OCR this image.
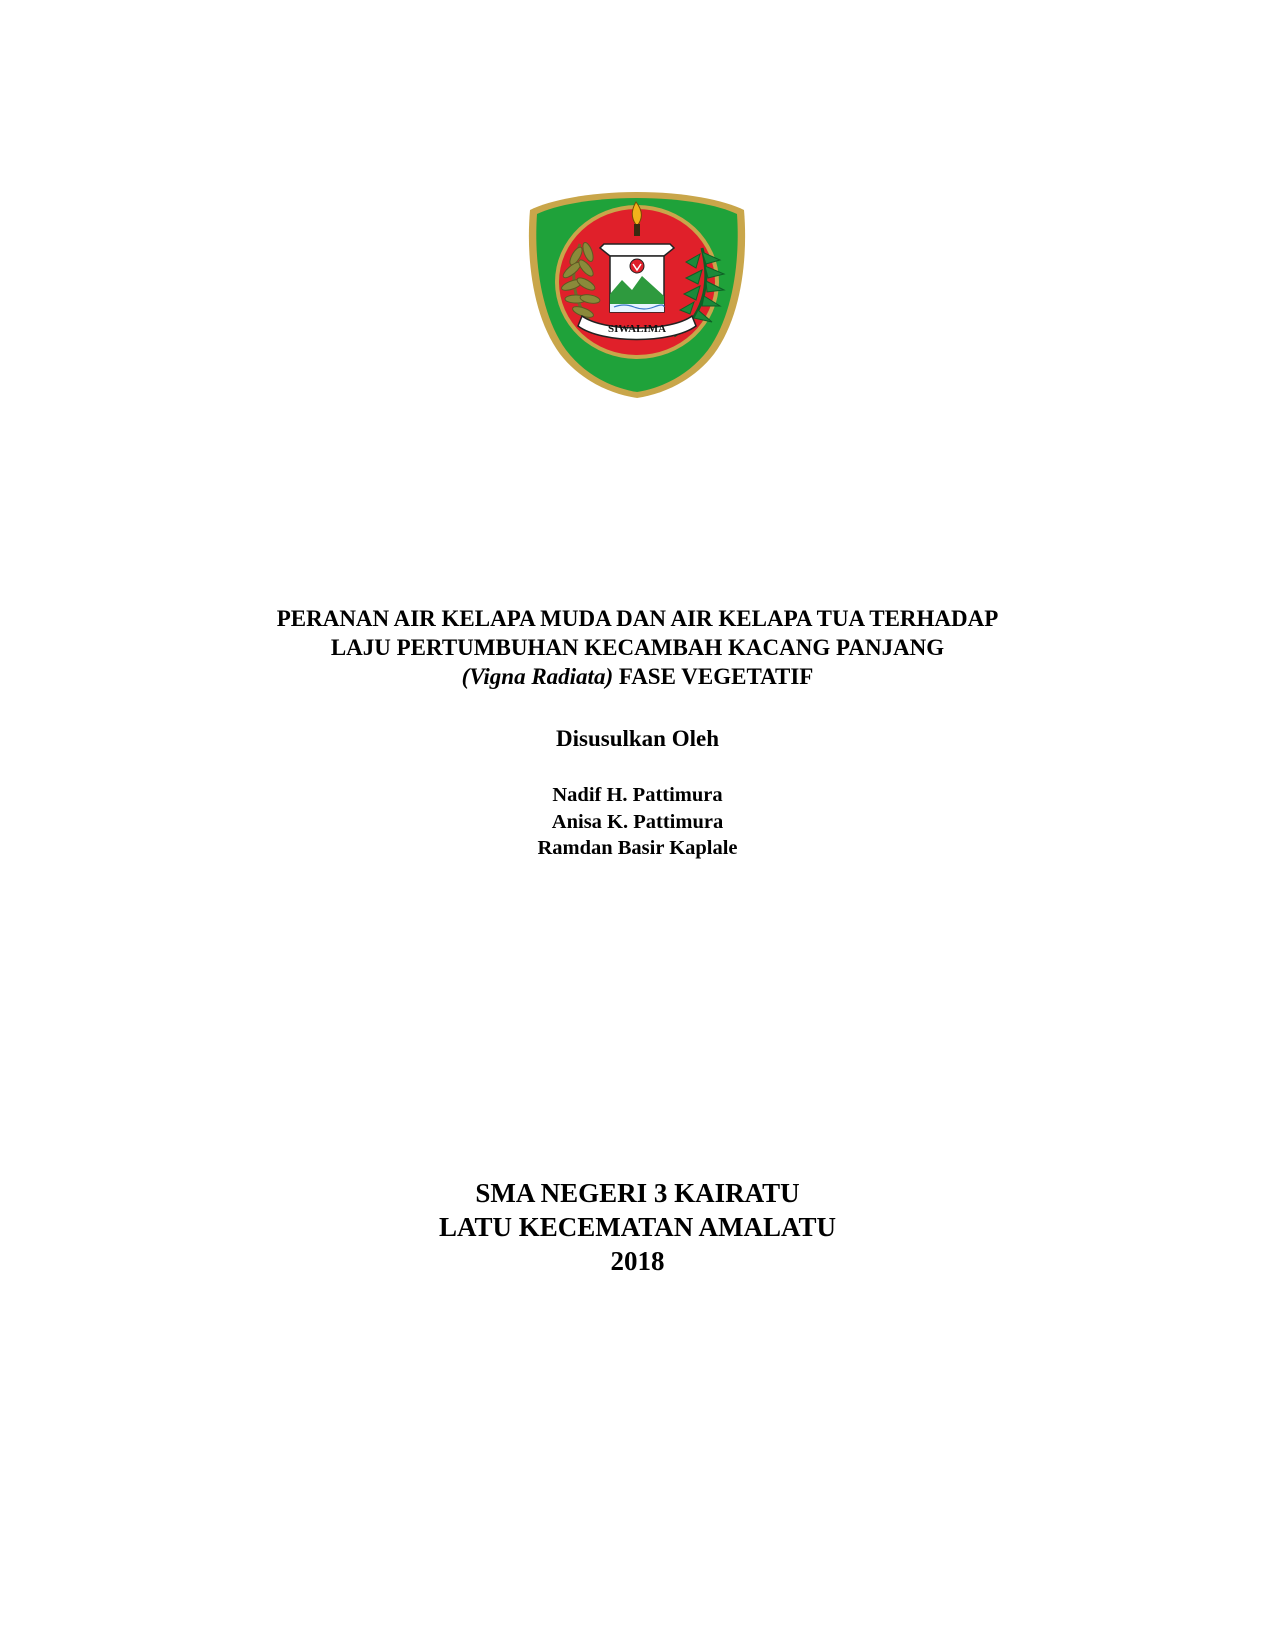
SIWALIMA
PERANAN AIR KELAPA MUDA DAN AIR KELAPA TUA TERHADAP
LAJU PERTUMBUHAN KECAMBAH KACANG PANJANG
(Vigna Radiata) FASE VEGETATIF
Disusulkan Oleh
Nadif H. Pattimura
Anisa K. Pattimura
Ramdan Basir Kaplale
SMA NEGERI 3 KAIRATU
LATU KECEMATAN AMALATU
2018
